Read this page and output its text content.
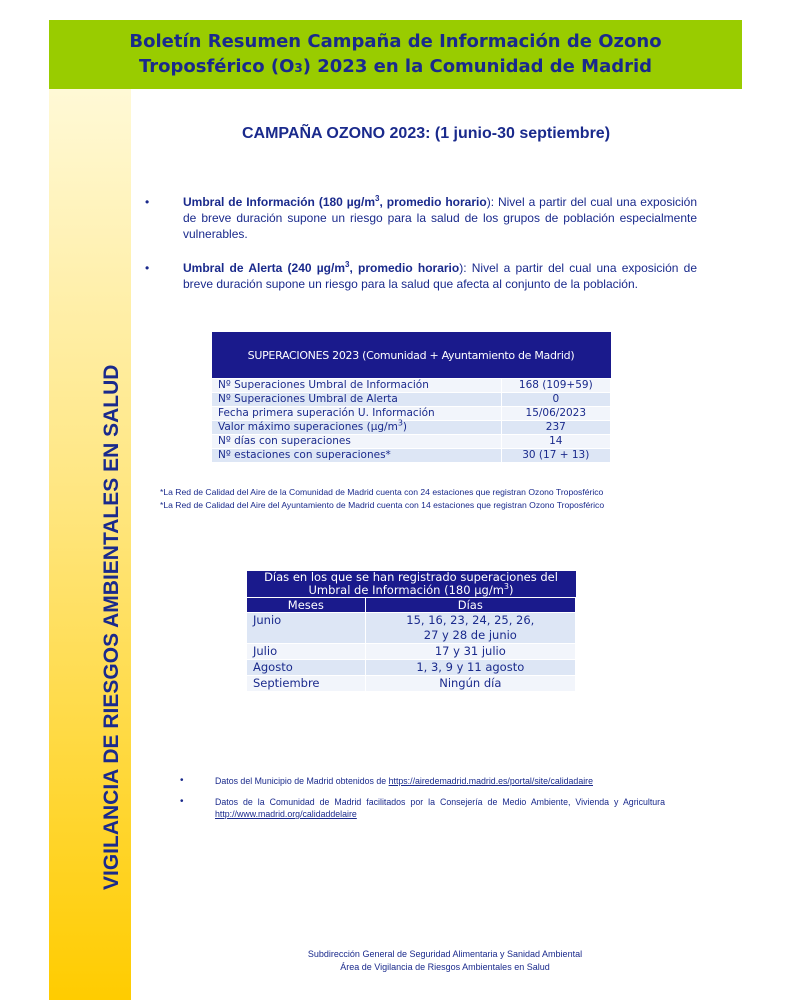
Boletín Resumen Campaña de Información de Ozono
Troposférico (O3) 2023 en la Comunidad de Madrid
VIGILANCIA DE RIESGOS AMBIENTALES EN SALUD
CAMPAÑA OZONO 2023: (1 junio-30 septiembre)
•	Umbral de Información (180 $\mu g/m^3$, promedio horario): Nivel a partir del cual una exposición de breve duración supone un riesgo para la salud de los grupos de población especialmente vulnerables.
•	Umbral de Alerta (240 $\mu g/m^3$, promedio horario): Nivel a partir del cual una exposición de breve duración supone un riesgo para la salud que afecta al conjunto de la población.
SUPERACIONES 2023 (Comunidad + Ayuntamiento de Madrid)	
Nº Superaciones Umbral de Información	168 (109+59)
Nº Superaciones Umbral de Alerta	0
Fecha primera superación U. Información	15/06/2023
Valor máximo superaciones $(\mu g/m^3)$	237
Nº días con superaciones	14
Nº estaciones con superaciones*	30 (17 + 13)
*La Red de Calidad del Aire de la Comunidad de Madrid cuenta con 24 estaciones que registran Ozono Troposférico
*La Red de Calidad del Aire del Ayuntamiento de Madrid cuenta con 14 estaciones que registran Ozono Troposférico
Días en los que se han registrado superaciones del
Umbral de Información (180 $\mu g/m^3$)	
Meses	Días
Junio	15, 16, 23, 24, 25, 26,
27 y 28 de junio
Julio	17 y 31 julio
Agosto	1, 3, 9 y 11 agosto
Septiembre	Ningún día
•	Datos del Municipio de Madrid obtenidos de https://airedemadrid.madrid.es/portal/site/calidadaire
•	Datos de la Comunidad de Madrid facilitados por la Consejería de Medio Ambiente, Vivienda y Agricultura http://www.madrid.org/calidaddelaire
Subdirección General de Seguridad Alimentaria y Sanidad Ambiental
Área de Vigilancia de Riesgos Ambientales en Salud
